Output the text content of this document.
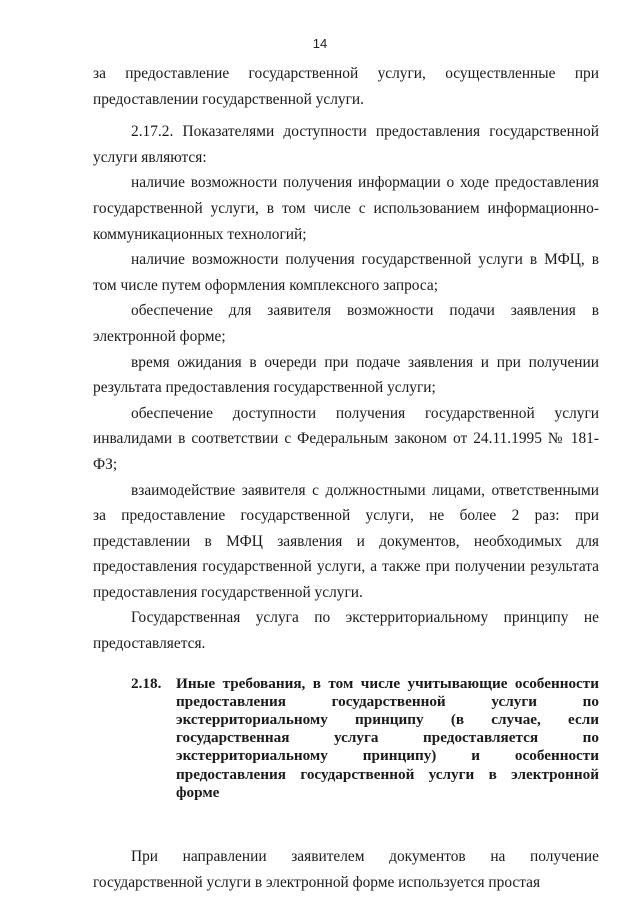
14

за предоставление государственной услуги, осуществленные при предоставлении государственной услуги.

2.17.2. Показателями доступности предоставления государственной услуги являются:

наличие возможности получения информации о ходе предоставления государственной услуги, в том числе с использованием информационно-коммуникационных технологий;

наличие возможности получения государственной услуги в МФЦ, в том числе путем оформления комплексного запроса;

обеспечение для заявителя возможности подачи заявления в электронной форме;

время ожидания в очереди при подаче заявления и при получении результата предоставления государственной услуги;

обеспечение доступности получения государственной услуги инвалидами в соответствии с Федеральным законом от 24.11.1995 № 181-ФЗ;

взаимодействие заявителя с должностными лицами, ответственными за предоставление государственной услуги, не более 2 раз: при представлении в МФЦ заявления и документов, необходимых для предоставления государственной услуги, а также при получении результата предоставления государственной услуги.

Государственная услуга по экстерриториальному принципу не предоставляется.

2.18. Иные требования, в том числе учитывающие особенности предоставления государственной услуги по экстерриториальному принципу (в случае, если государственная услуга предоставляется по экстерриториальному принципу) и особенности предоставления государственной услуги в электронной форме

При направлении заявителем документов на получение государственной услуги в электронной форме используется простая
